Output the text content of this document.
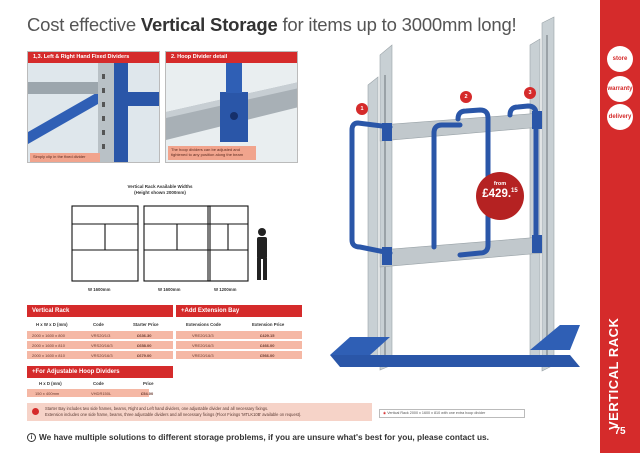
Cost effective Vertical Storage for items up to 3000mm long!
store
warranty
delivery
VERTICAL RACK
75
1,3. Left & Right Hand Fixed Dividers
Simply clip in the fixed divider
2. Hoop Divider detail
The hoop dividers can be adjusted and tightened to any position along the beam
Vertical Rack Available Widths
(Height shown 2000mm)
W 1600mm	W 1600mm	W 1200mm
Vertical Rack
H x W x D (mm)	Code	Starter Price
2000 x 1600 x 800	VRS20/1/3	£636.30
2000 x 1600 x 810	VRS20/16/3	£658.00
2000 x 1600 x 810	VRS20/16/3	£679.00
+Add Extension Bay
Extensions Code	Extension Price
VRE20/13/3	£429.15
VRE20/16/3	£466.00
VRE20/16/3	£566.00
+For Adjustable Hoop Dividers
H x D (mm)	Code	Price
150 x 400mm	VHDR150L	£54.00
Starter Bay includes two side frames, beams, Right and Left hand dividers, one adjustable divider and all necessary fixings.
Extension includes one side frame, beams, three adjustable dividers and all necessary fixings (Floor Fixings 'MTLK10B' available on request).
1
2
3
from
£429.15
◉ Vertical Rack 2000 x 1600 x 810 with one extra hoop divider
i We have multiple solutions to different storage problems, if you are unsure what's best for you, please contact us.
